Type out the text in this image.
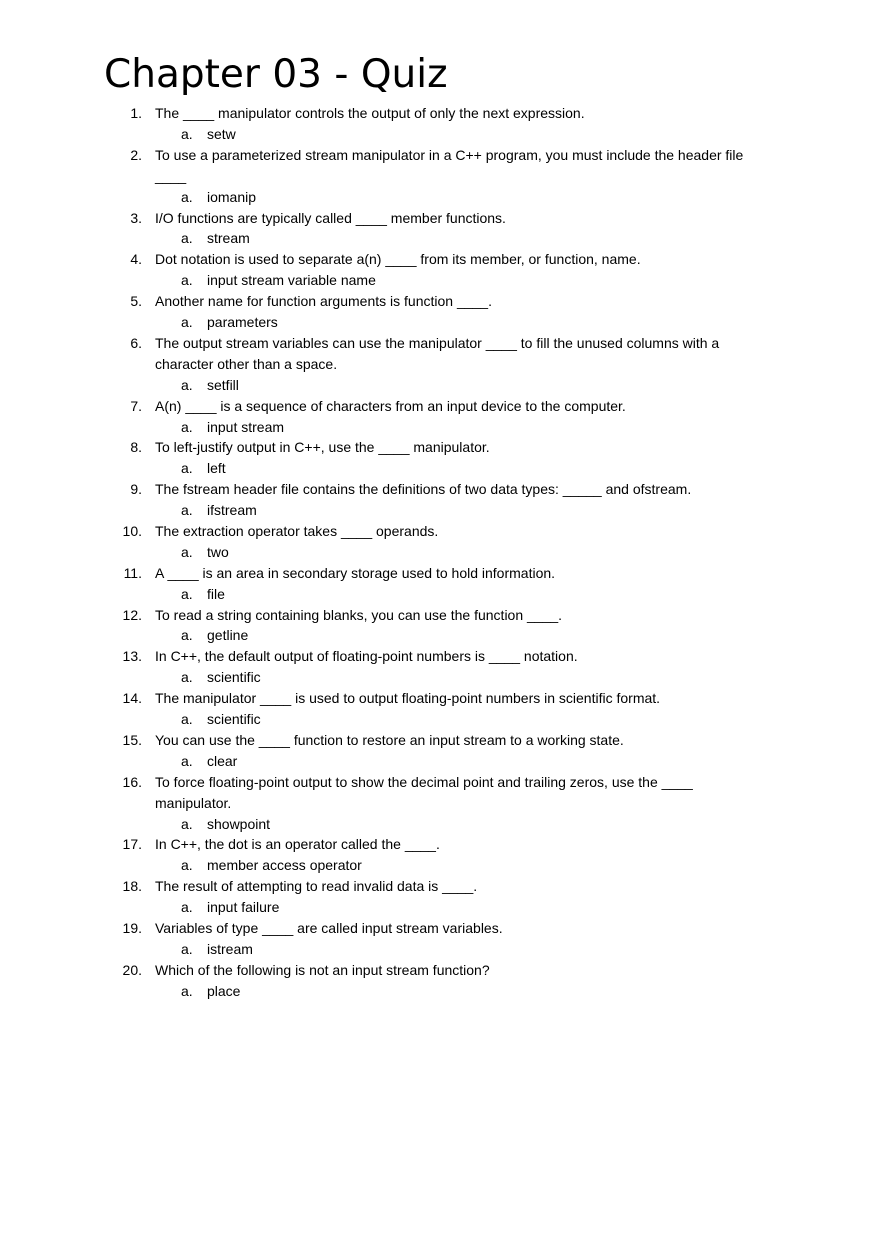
Chapter 03 - Quiz
1. The ____ manipulator controls the output of only the next expression.
a. setw
2. To use a parameterized stream manipulator in a C++ program, you must include the header file ____
a. iomanip
3. I/O functions are typically called ____ member functions.
a. stream
4. Dot notation is used to separate a(n) ____ from its member, or function, name.
a. input stream variable name
5. Another name for function arguments is function ____.
a. parameters
6. The output stream variables can use the manipulator ____ to fill the unused columns with a character other than a space.
a. setfill
7. A(n) ____ is a sequence of characters from an input device to the computer.
a. input stream
8. To left-justify output in C++, use the ____ manipulator.
a. left
9. The fstream header file contains the definitions of two data types: _____ and ofstream.
a. ifstream
10. The extraction operator takes ____ operands.
a. two
11. A ____ is an area in secondary storage used to hold information.
a. file
12. To read a string containing blanks, you can use the function ____.
a. getline
13. In C++, the default output of floating-point numbers is ____ notation.
a. scientific
14. The manipulator ____ is used to output floating-point numbers in scientific format.
a. scientific
15. You can use the ____ function to restore an input stream to a working state.
a. clear
16. To force floating-point output to show the decimal point and trailing zeros, use the ____ manipulator.
a. showpoint
17. In C++, the dot is an operator called the ____.
a. member access operator
18. The result of attempting to read invalid data is ____.
a. input failure
19. Variables of type ____ are called input stream variables.
a. istream
20. Which of the following is not an input stream function?
a. place
